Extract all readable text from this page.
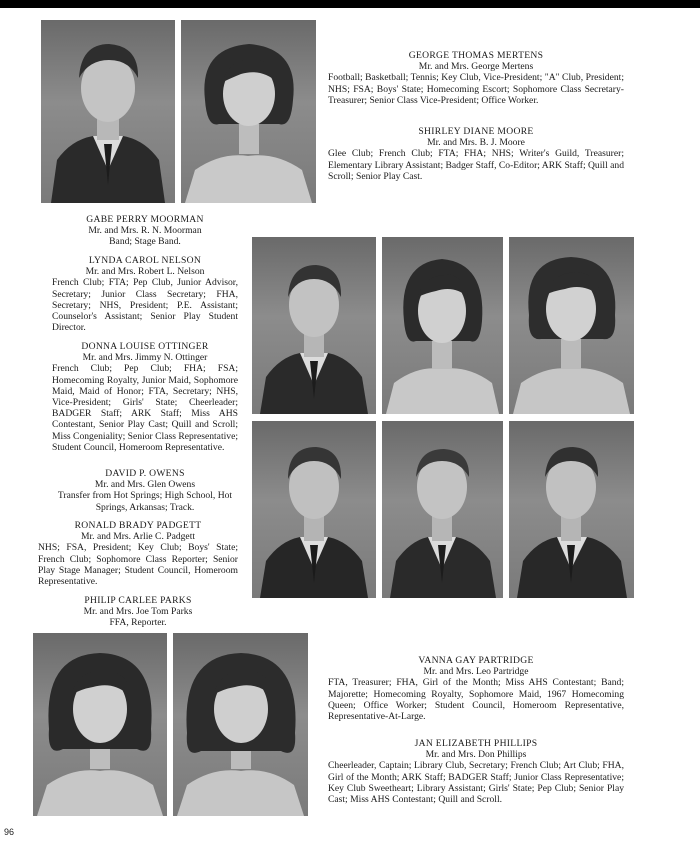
GEORGE THOMAS MERTENS
Mr. and Mrs. George Mertens
Football; Basketball; Tennis; Key Club, Vice-President; "A" Club, President; NHS; FSA; Boys' State; Homecoming Escort; Sophomore Class Secretary-Treasurer; Senior Class Vice-President; Office Worker.
SHIRLEY DIANE MOORE
Mr. and Mrs. B. J. Moore
Glee Club; French Club; FTA; FHA; NHS; Writer's Guild, Treasurer; Elementary Library Assistant; Badger Staff, Co-Editor; ARK Staff; Quill and Scroll; Senior Play Cast.
GABE PERRY MOORMAN
Mr. and Mrs. R. N. Moorman
Band; Stage Band.
LYNDA CAROL NELSON
Mr. and Mrs. Robert L. Nelson
French Club; FTA; Pep Club, Junior Advisor, Secretary; Junior Class Secretary; FHA, Secretary; NHS, President; P.E. Assistant; Counselor's Assistant; Senior Play Student Director.
DONNA LOUISE OTTINGER
Mr. and Mrs. Jimmy N. Ottinger
French Club; Pep Club; FHA; FSA; Homecoming Royalty, Junior Maid, Sophomore Maid, Maid of Honor; FTA, Secretary; NHS, Vice-President; Girls' State; Cheerleader; BADGER Staff; ARK Staff; Miss AHS Contestant, Senior Play Cast; Quill and Scroll; Miss Congeniality; Senior Class Representative; Student Council, Homeroom Representative.
DAVID P. OWENS
Mr. and Mrs. Glen Owens
Transfer from Hot Springs; High School, Hot Springs, Arkansas; Track.
RONALD BRADY PADGETT
Mr. and Mrs. Arlie C. Padgett
NHS; FSA, President; Key Club; Boys' State; French Club; Sophomore Class Reporter; Senior Play Stage Manager; Student Council, Homeroom Representative.
PHILIP CARLEE PARKS
Mr. and Mrs. Joe Tom Parks
FFA, Reporter.
VANNA GAY PARTRIDGE
Mr. and Mrs. Leo Partridge
FTA, Treasurer; FHA, Girl of the Month; Miss AHS Contestant; Band; Majorette; Homecoming Royalty, Sophomore Maid, 1967 Homecoming Queen; Office Worker; Student Council, Homeroom Representative, Representative-At-Large.
JAN ELIZABETH PHILLIPS
Mr. and Mrs. Don Phillips
Cheerleader, Captain; Library Club, Secretary; French Club; Art Club; FHA, Girl of the Month; ARK Staff; BADGER Staff; Junior Class Representative; Key Club Sweetheart; Library Assistant; Girls' State; Pep Club; Senior Play Cast; Miss AHS Contestant; Quill and Scroll.
96
